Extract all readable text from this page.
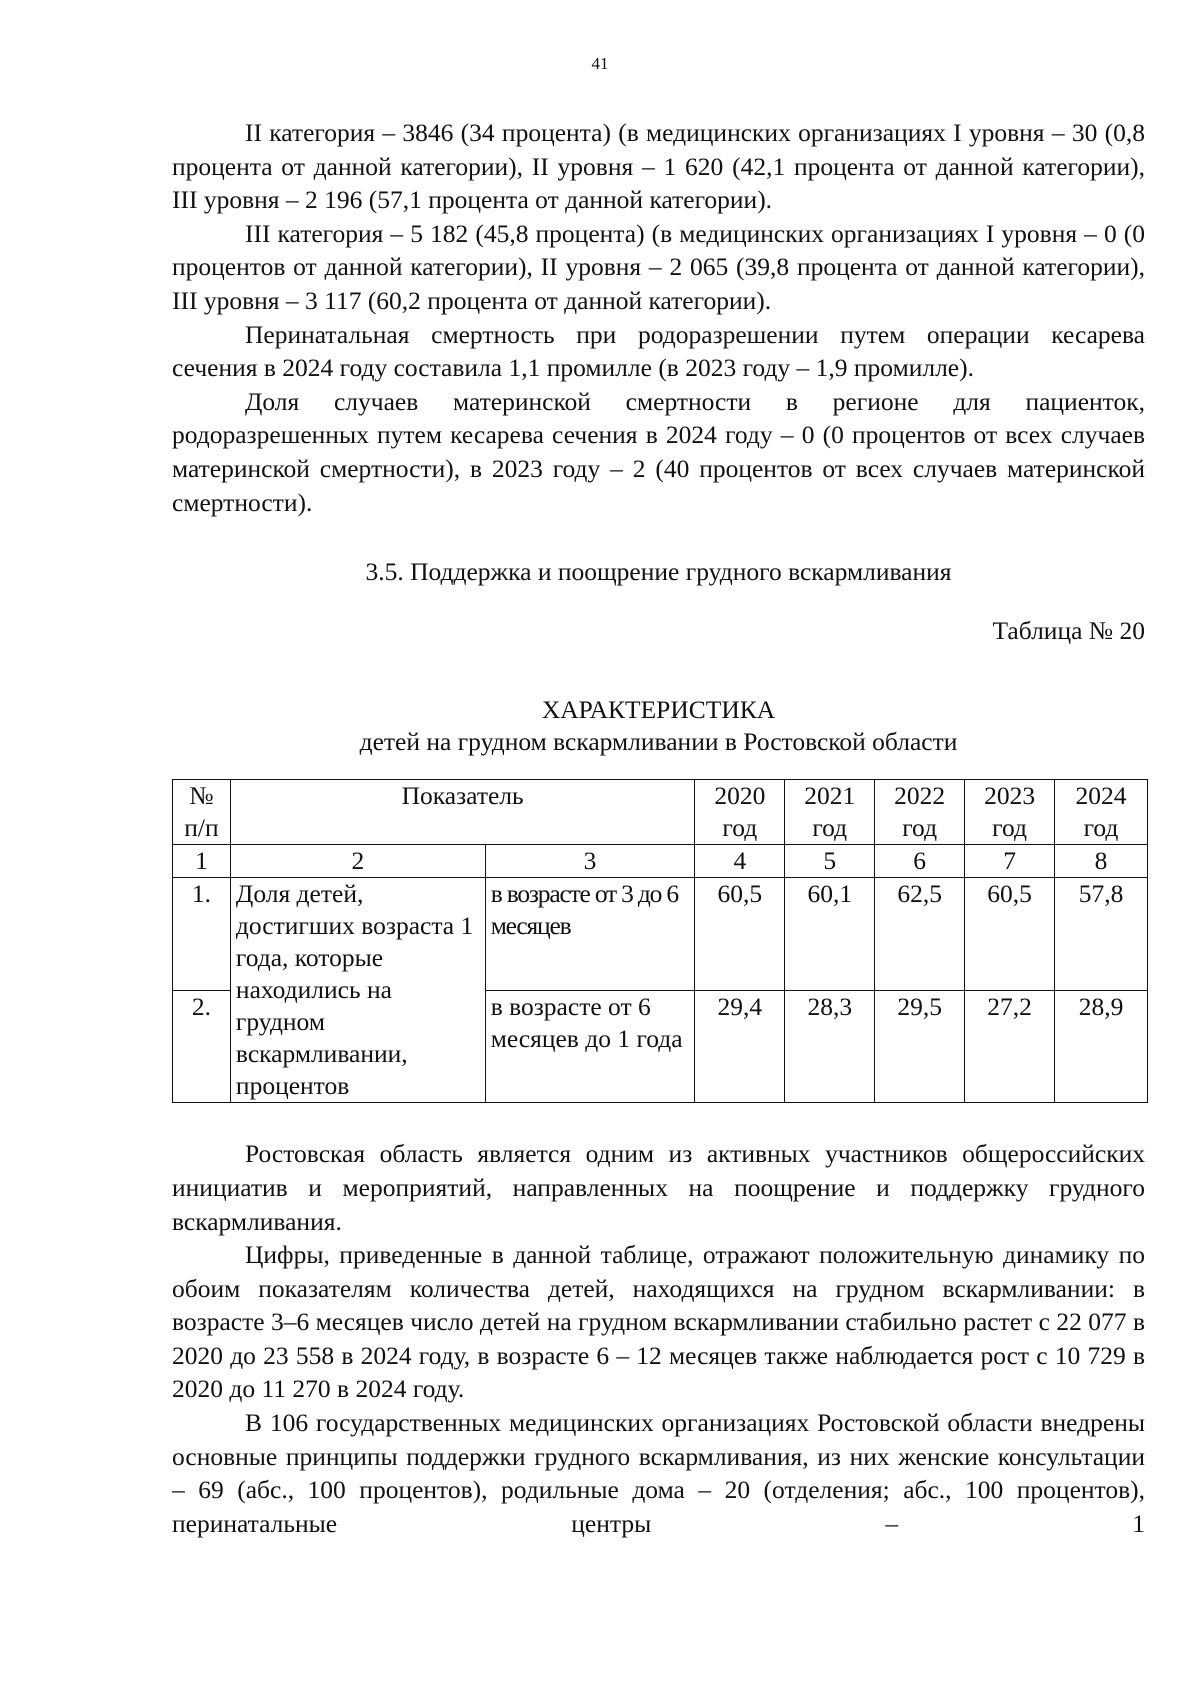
41

II категория – 3846 (34 процента) (в медицинских организациях I уровня – 30 (0,8 процента от данной категории), II уровня – 1 620 (42,1 процента от данной категории), III уровня – 2 196 (57,1 процента от данной категории).

III категория – 5 182 (45,8 процента) (в медицинских организациях I уровня – 0 (0 процентов от данной категории), II уровня – 2 065 (39,8 процента от данной категории), III уровня – 3 117 (60,2 процента от данной категории).

Перинатальная смертность при родоразрешении путем операции кесарева сечения в 2024 году составила 1,1 промилле (в 2023 году – 1,9 промилле).

Доля случаев материнской смертности в регионе для пациенток, родоразрешенных путем кесарева сечения в 2024 году – 0 (0 процентов от всех случаев материнской смертности), в 2023 году – 2 (40 процентов от всех случаев материнской смертности).

3.5. Поддержка и поощрение грудного вскармливания
Таблица № 20
ХАРАКТЕРИСТИКА
детей на грудном вскармливании в Ростовской области
№ п/п	Показатель		2020 год	2021 год	2022 год	2023 год	2024 год
1	2	3	4	5	6	7	8
1.	Доля детей, достигших возраста 1 года, которые находились на грудном вскармливании, процентов	в возрасте от 3 до 6 месяцев	60,5	60,1	62,5	60,5	57,8
2.		в возрасте от 6 месяцев до 1 года	29,4	28,3	29,5	27,2	28,9

Ростовская область является одним из активных участников общероссийских инициатив и мероприятий, направленных на поощрение и поддержку грудного вскармливания.

Цифры, приведенные в данной таблице, отражают положительную динамику по обоим показателям количества детей, находящихся на грудном вскармливании: в возрасте 3–6 месяцев число детей на грудном вскармливании стабильно растет с 22 077 в 2020 до 23 558 в 2024 году, в возрасте 6 – 12 месяцев также наблюдается рост с 10 729 в 2020 до 11 270 в 2024 году.

В 106 государственных медицинских организациях Ростовской области внедрены основные принципы поддержки грудного вскармливания, из них женские консультации – 69 (абс., 100 процентов), родильные дома – 20 (отделения; абс., 100 процентов), перинатальные центры – 1
